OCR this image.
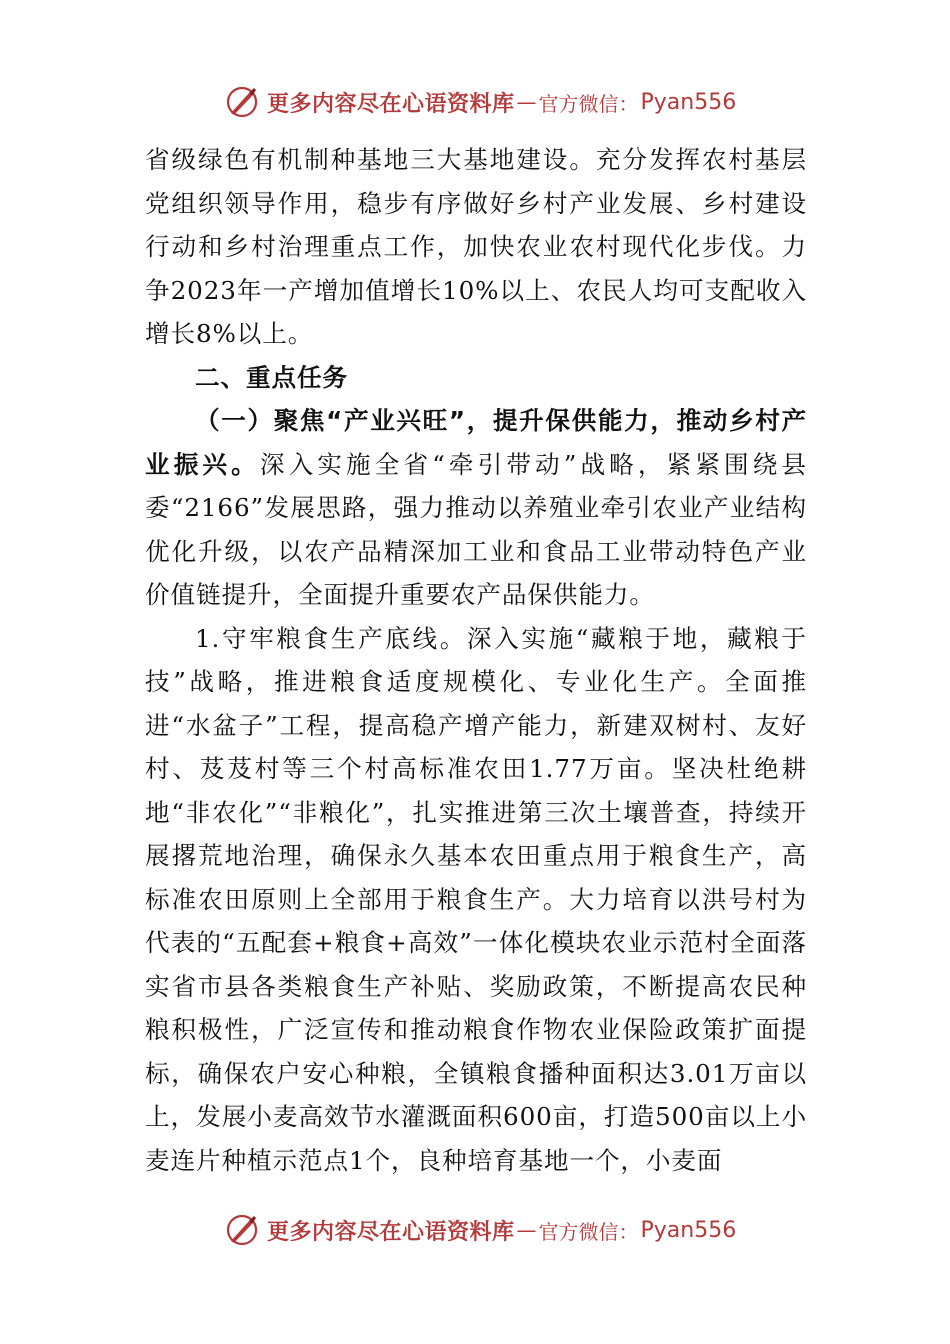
更多内容尽在心语资料库 — 官方微信： Pyan556

省级绿色有机制种基地三大基地建设。充分发挥农村基层党组织领导作用，稳步有序做好乡村产业发展、乡村建设行动和乡村治理重点工作，加快农业农村现代化步伐。力争2023年一产增加值增长10%以上、农民人均可支配收入增长8%以上。

二、重点任务

（一）聚焦“产业兴旺”，提升保供能力，推动乡村产业振兴。深入实施全省“牵引带动”战略，紧紧围绕县委“2166”发展思路，强力推动以养殖业牵引农业产业结构优化升级，以农产品精深加工业和食品工业带动特色产业价值链提升，全面提升重要农产品保供能力。

1.守牢粮食生产底线。深入实施“藏粮于地，藏粮于技”战略，推进粮食适度规模化、专业化生产。全面推进“水盆子”工程，提高稳产增产能力，新建双树村、友好村、芨芨村等三个村高标准农田1.77万亩。坚决杜绝耕地“非农化”“非粮化”，扎实推进第三次土壤普查，持续开展撂荒地治理，确保永久基本农田重点用于粮食生产，高标准农田原则上全部用于粮食生产。大力培育以洪号村为代表的“五配套+粮食+高效”一体化模块农业示范村全面落实省市县各类粮食生产补贴、奖励政策，不断提高农民种粮积极性，广泛宣传和推动粮食作物农业保险政策扩面提标，确保农户安心种粮，全镇粮食播种面积达3.01万亩以上，发展小麦高效节水灌溉面积600亩，打造500亩以上小麦连片种植示范点1个，良种培育基地一个，小麦面

更多内容尽在心语资料库 — 官方微信： Pyan556
